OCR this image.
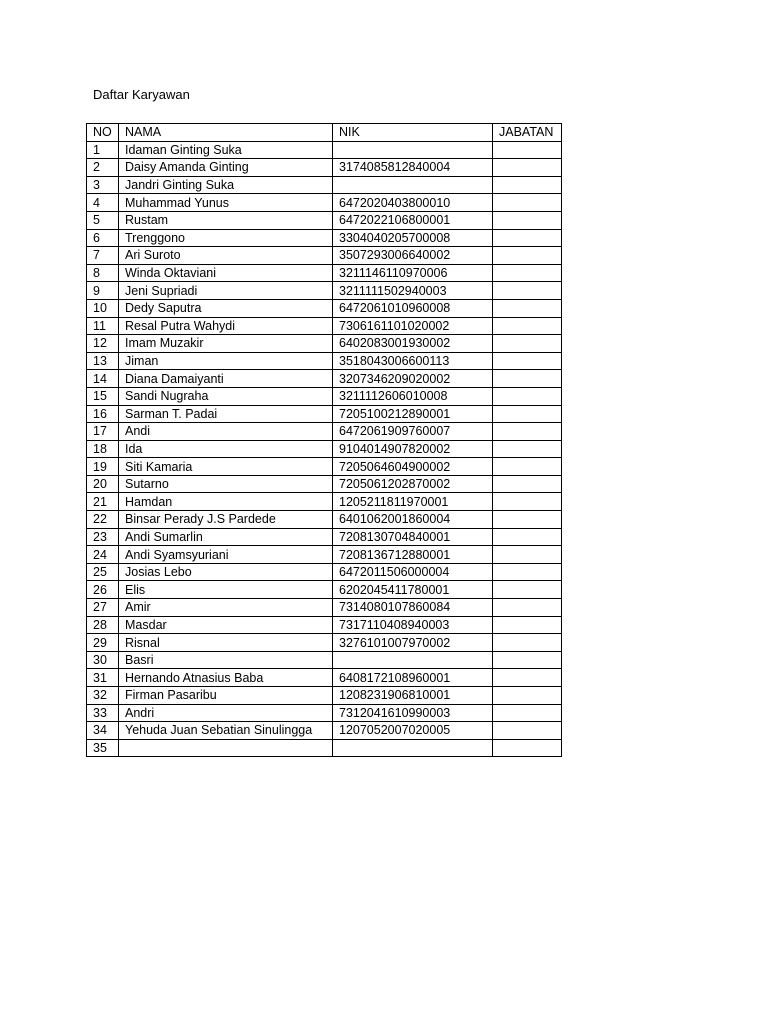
Daftar Karyawan
NO	NAMA	NIK	JABATAN
1	Idaman Ginting Suka		
2	Daisy Amanda Ginting	3174085812840004	
3	Jandri Ginting Suka		
4	Muhammad Yunus	6472020403800010	
5	Rustam	6472022106800001	
6	Trenggono	3304040205700008	
7	Ari Suroto	3507293006640002	
8	Winda Oktaviani	3211146110970006	
9	Jeni Supriadi	3211111502940003	
10	Dedy Saputra	6472061010960008	
11	Resal Putra Wahydi	7306161101020002	
12	Imam Muzakir	6402083001930002	
13	Jiman	3518043006600113	
14	Diana Damaiyanti	3207346209020002	
15	Sandi Nugraha	3211112606010008	
16	Sarman T. Padai	7205100212890001	
17	Andi	6472061909760007	
18	Ida	9104014907820002	
19	Siti Kamaria	7205064604900002	
20	Sutarno	7205061202870002	
21	Hamdan	1205211811970001	
22	Binsar Perady J.S Pardede	6401062001860004	
23	Andi Sumarlin	7208130704840001	
24	Andi Syamsyuriani	7208136712880001	
25	Josias Lebo	6472011506000004	
26	Elis	6202045411780001	
27	Amir	7314080107860084	
28	Masdar	7317110408940003	
29	Risnal	3276101007970002	
30	Basri		
31	Hernando Atnasius Baba	6408172108960001	
32	Firman Pasaribu	1208231906810001	
33	Andri	7312041610990003	
34	Yehuda Juan Sebatian Sinulingga	1207052007020005	
35			
